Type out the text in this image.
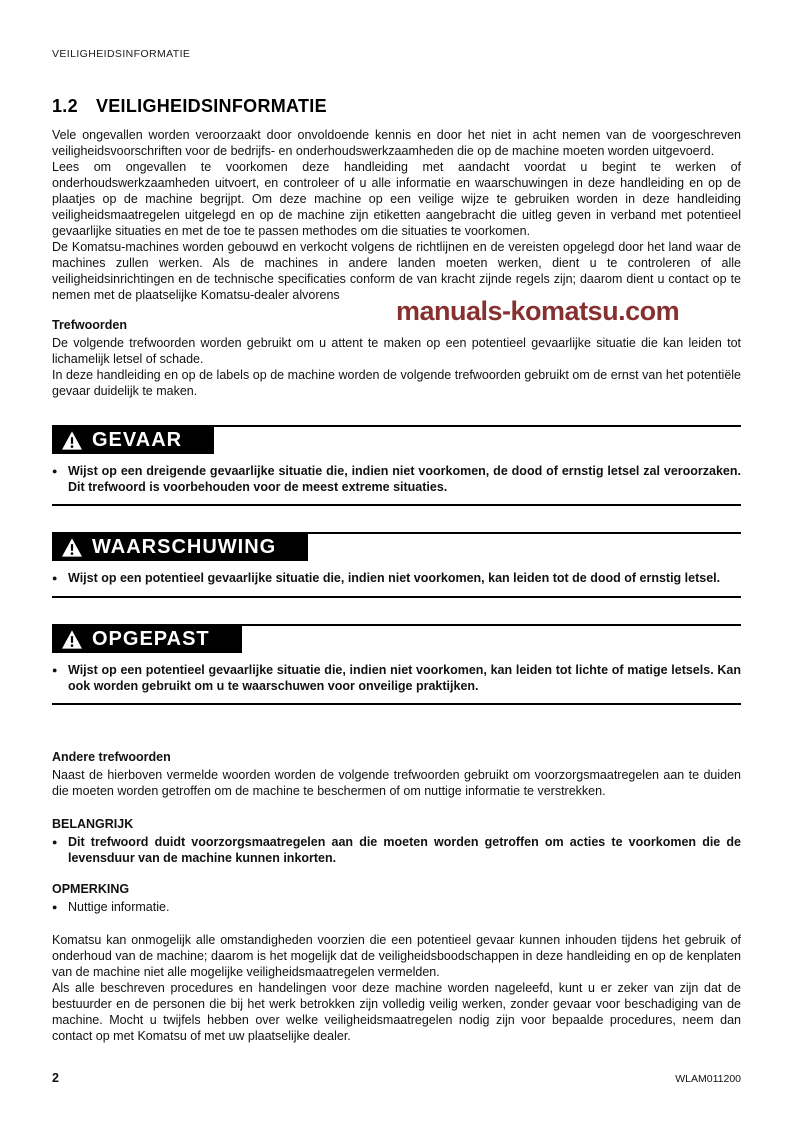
VEILIGHEIDSINFORMATIE
manuals-komatsu.com
1.2 VEILIGHEIDSINFORMATIE

Vele ongevallen worden veroorzaakt door onvoldoende kennis en door het niet in acht nemen van de voorgeschreven veiligheidsvoorschriften voor de bedrijfs- en onderhoudswerkzaamheden die op de machine moeten worden uitgevoerd.

Lees om ongevallen te voorkomen deze handleiding met aandacht voordat u begint te werken of onderhoudswerkzaamheden uitvoert, en controleer of u alle informatie en waarschuwingen in deze handleiding en op de plaatjes op de machine begrijpt. Om deze machine op een veilige wijze te gebruiken worden in deze handleiding veiligheidsmaatregelen uitgelegd en op de machine zijn etiketten aangebracht die uitleg geven in verband met potentieel gevaarlijke situaties en met de toe te passen methodes om die situaties te voorkomen.

De Komatsu-machines worden gebouwd en verkocht volgens de richtlijnen en de vereisten opgelegd door het land waar de machines zullen werken. Als de machines in andere landen moeten werken, dient u te controleren of alle veiligheidsinrichtingen en de technische specificaties conform de van kracht zijnde regels zijn; daarom dient u contact op te nemen met de plaatselijke Komatsu-dealer alvorens

Trefwoorden

De volgende trefwoorden worden gebruikt om u attent te maken op een potentieel gevaarlijke situatie die kan leiden tot lichamelijk letsel of schade.

In deze handleiding en op de labels op de machine worden de volgende trefwoorden gebruikt om de ernst van het potentiële gevaar duidelijk te maken.

GEVAAR
●
Wijst op een dreigende gevaarlijke situatie die, indien niet voorkomen, de dood of ernstig letsel zal veroorzaken. Dit trefwoord is voorbehouden voor de meest extreme situaties.
WAARSCHUWING
●
Wijst op een potentieel gevaarlijke situatie die, indien niet voorkomen, kan leiden tot de dood of ernstig letsel.
OPGEPAST
●
Wijst op een potentieel gevaarlijke situatie die, indien niet voorkomen, kan leiden tot lichte of matige letsels. Kan ook worden gebruikt om u te waarschuwen voor onveilige praktijken.
Andere trefwoorden

Naast de hierboven vermelde woorden worden de volgende trefwoorden gebruikt om voorzorgsmaatregelen aan te duiden die moeten worden getroffen om de machine te beschermen of om nuttige informatie te verstrekken.

BELANGRIJK
●
Dit trefwoord duidt voorzorgsmaatregelen aan die moeten worden getroffen om acties te voorkomen die de levensduur van de machine kunnen inkorten.
OPMERKING
●
Nuttige informatie.

Komatsu kan onmogelijk alle omstandigheden voorzien die een potentieel gevaar kunnen inhouden tijdens het gebruik of onderhoud van de machine; daarom is het mogelijk dat de veiligheidsboodschappen in deze handleiding en op de kenplaten van de machine niet alle mogelijke veiligheidsmaatregelen vermelden.

Als alle beschreven procedures en handelingen voor deze machine worden nageleefd, kunt u er zeker van zijn dat de bestuurder en de personen die bij het werk betrokken zijn volledig veilig werken, zonder gevaar voor beschadiging van de machine. Mocht u twijfels hebben over welke veiligheidsmaatregelen nodig zijn voor bepaalde procedures, neem dan contact op met Komatsu of met uw plaatselijke dealer.

2	WLAM011200
